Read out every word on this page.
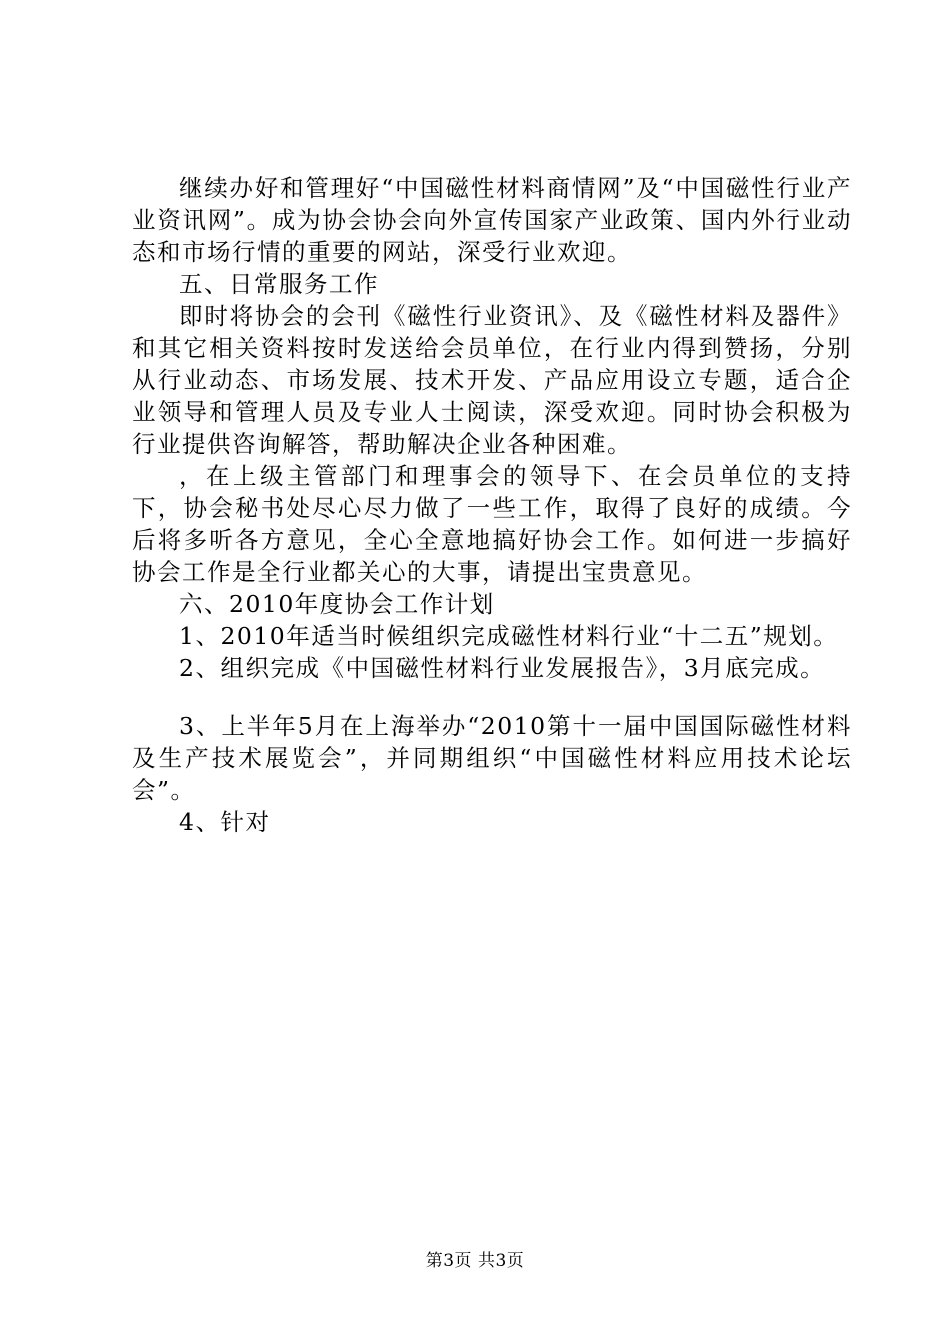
继续办好和管理好“中国磁性材料商情网”及“中国磁性行业产业资讯网”。成为协会协会向外宣传国家产业政策、国内外行业动态和市场行情的重要的网站，深受行业欢迎。

五、日常服务工作

即时将协会的会刊《磁性行业资讯》、及《磁性材料及器件》和其它相关资料按时发送给会员单位，在行业内得到赞扬，分别从行业动态、市场发展、技术开发、产品应用设立专题，适合企业领导和管理人员及专业人士阅读，深受欢迎。同时协会积极为行业提供咨询解答，帮助解决企业各种困难。

，在上级主管部门和理事会的领导下、在会员单位的支持下，协会秘书处尽心尽力做了一些工作，取得了良好的成绩。今后将多听各方意见，全心全意地搞好协会工作。如何进一步搞好协会工作是全行业都关心的大事，请提出宝贵意见。

六、2010年度协会工作计划

1、2010年适当时候组织完成磁性材料行业“十二五”规划。

2、组织完成《中国磁性材料行业发展报告》，3月底完成。

3、上半年5月在上海举办“2010第十一届中国国际磁性材料及生产技术展览会”，并同期组织“中国磁性材料应用技术论坛会”。

4、针对

第3页 共3页
